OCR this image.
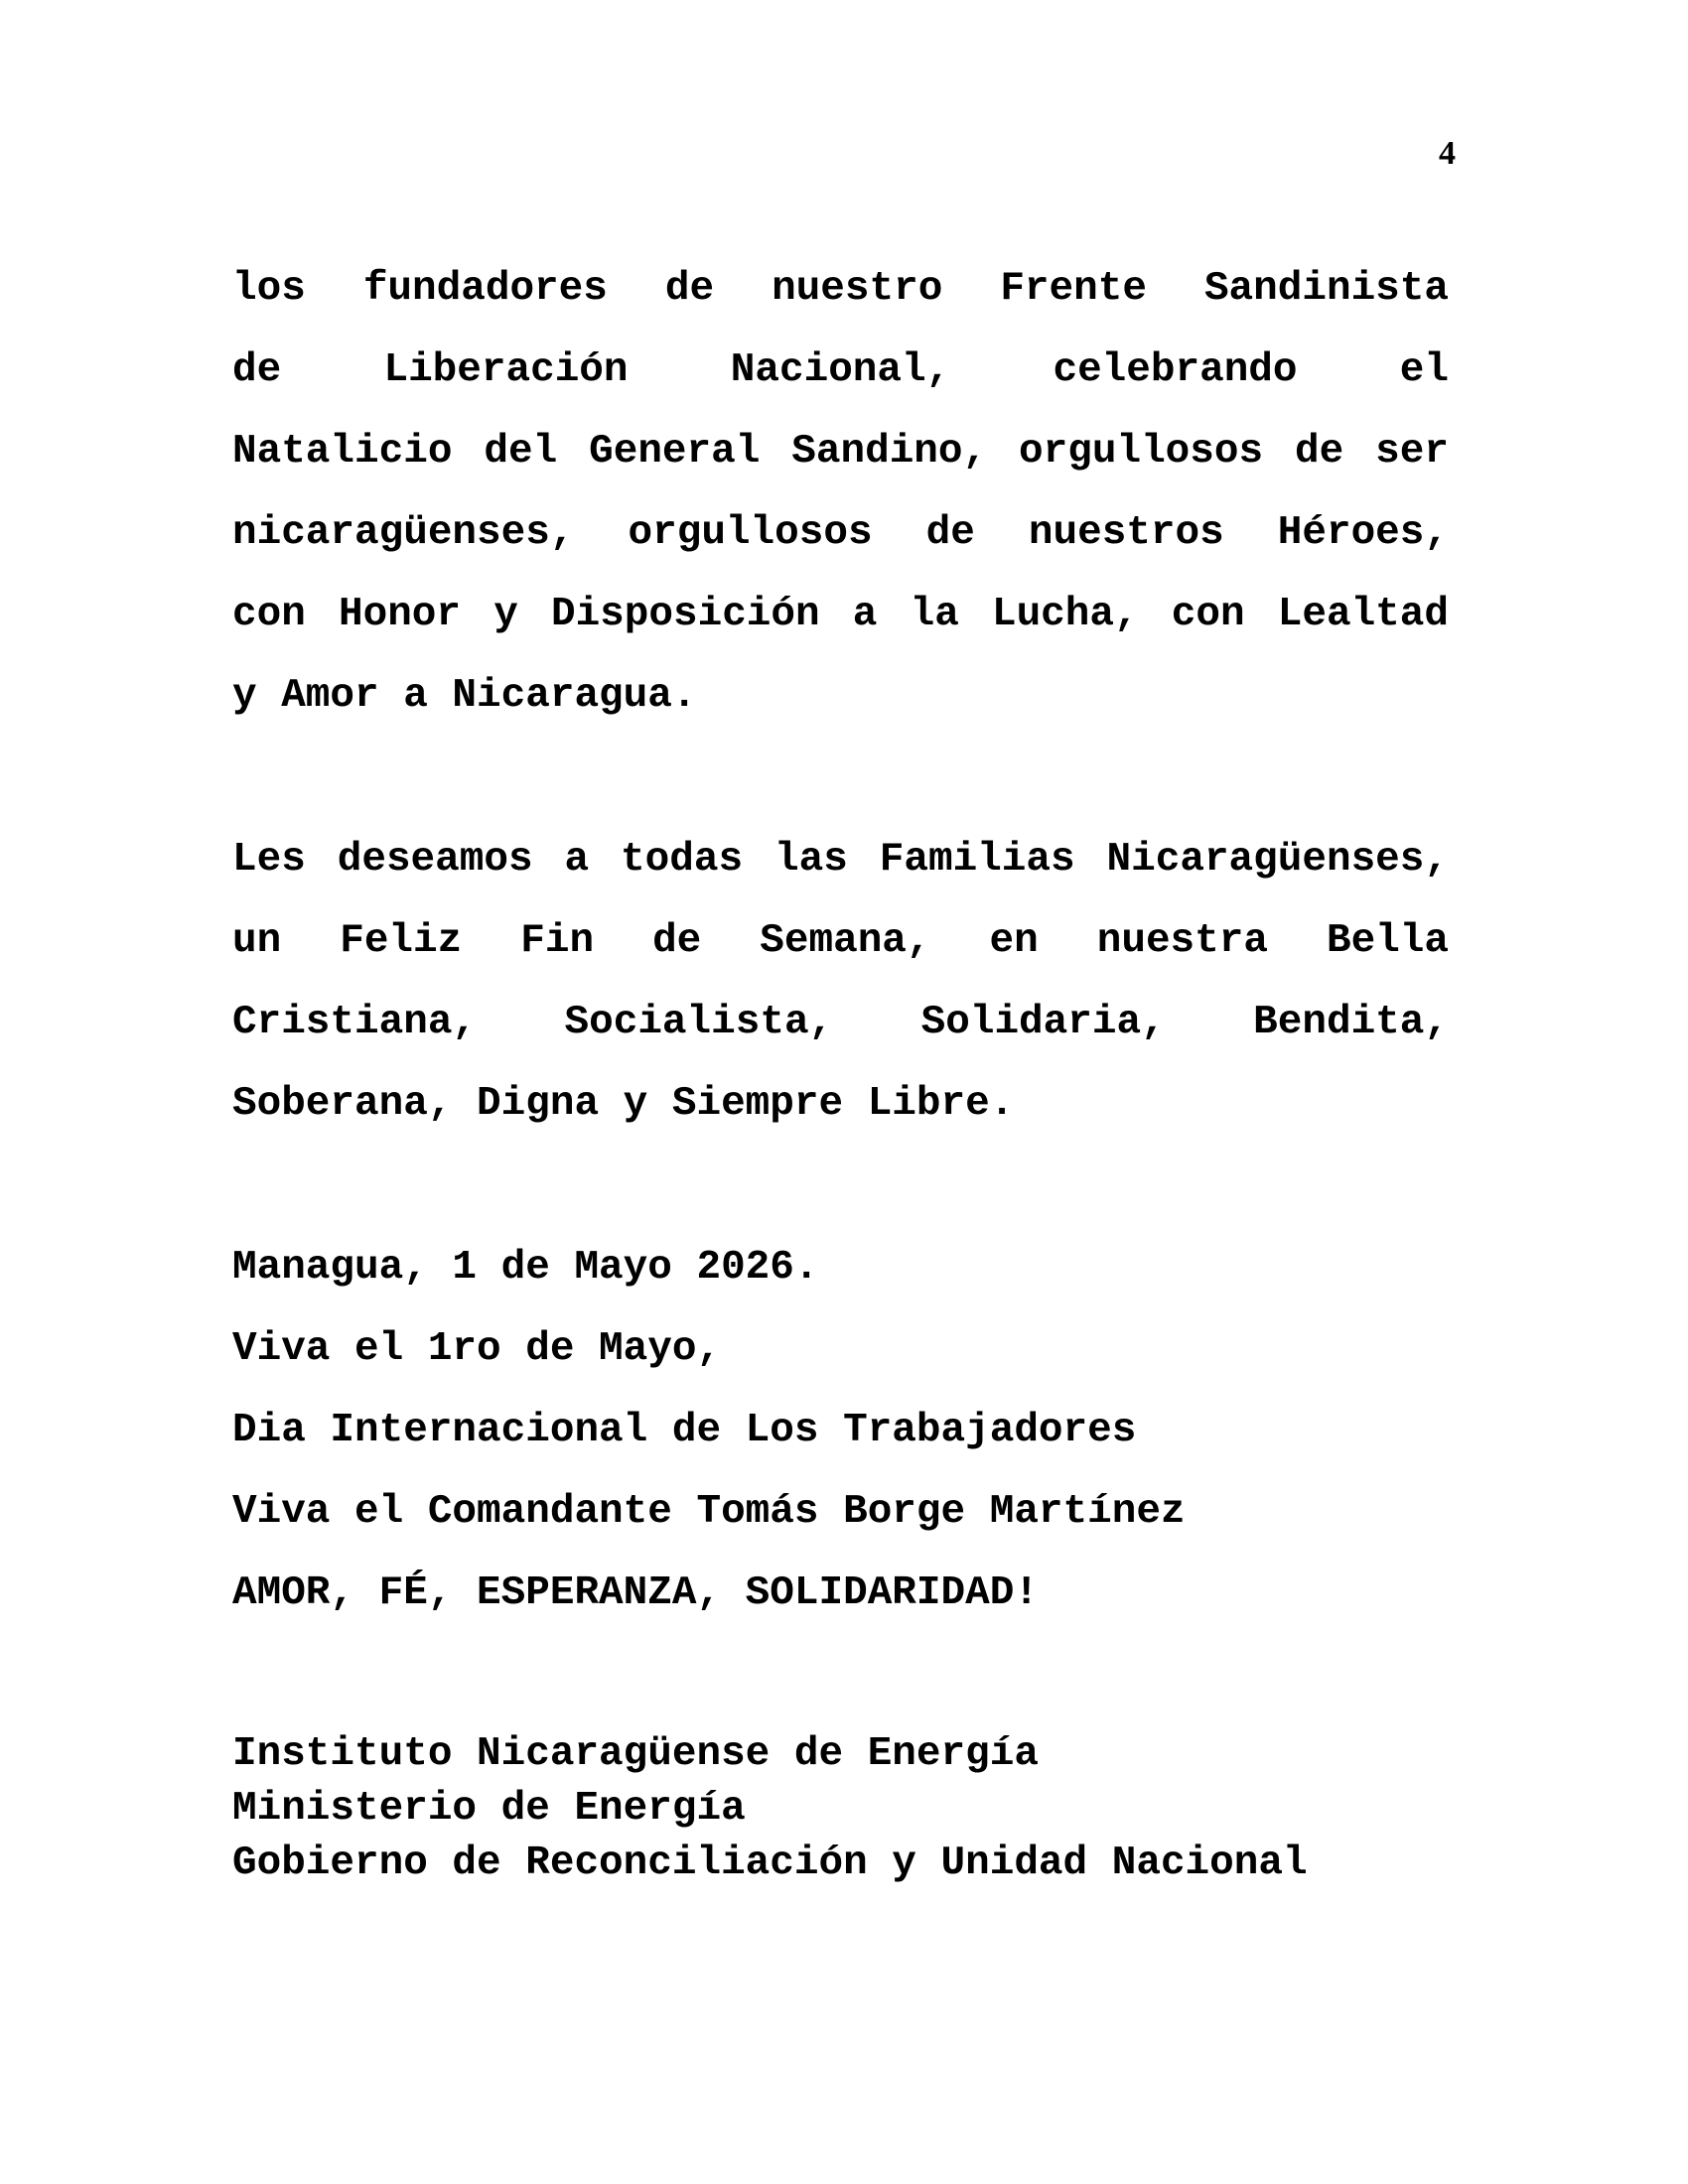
4
los fundadores de nuestro Frente Sandinista
de Liberación Nacional, celebrando el
Natalicio del General Sandino, orgullosos de ser
nicaragüenses, orgullosos de nuestros Héroes,
con Honor y Disposición a la Lucha, con Lealtad
y Amor a Nicaragua.
Les deseamos a todas las Familias Nicaragüenses,
un Feliz Fin de Semana, en nuestra Bella
Cristiana, Socialista, Solidaria, Bendita,
Soberana, Digna y Siempre Libre.
Managua, 1 de Mayo 2026.
Viva el 1ro de Mayo,
Dia Internacional de Los Trabajadores
Viva el Comandante Tomás Borge Martínez
AMOR, FÉ, ESPERANZA, SOLIDARIDAD!
Instituto Nicaragüense de Energía
Ministerio de Energía
Gobierno de Reconciliación y Unidad Nacional
